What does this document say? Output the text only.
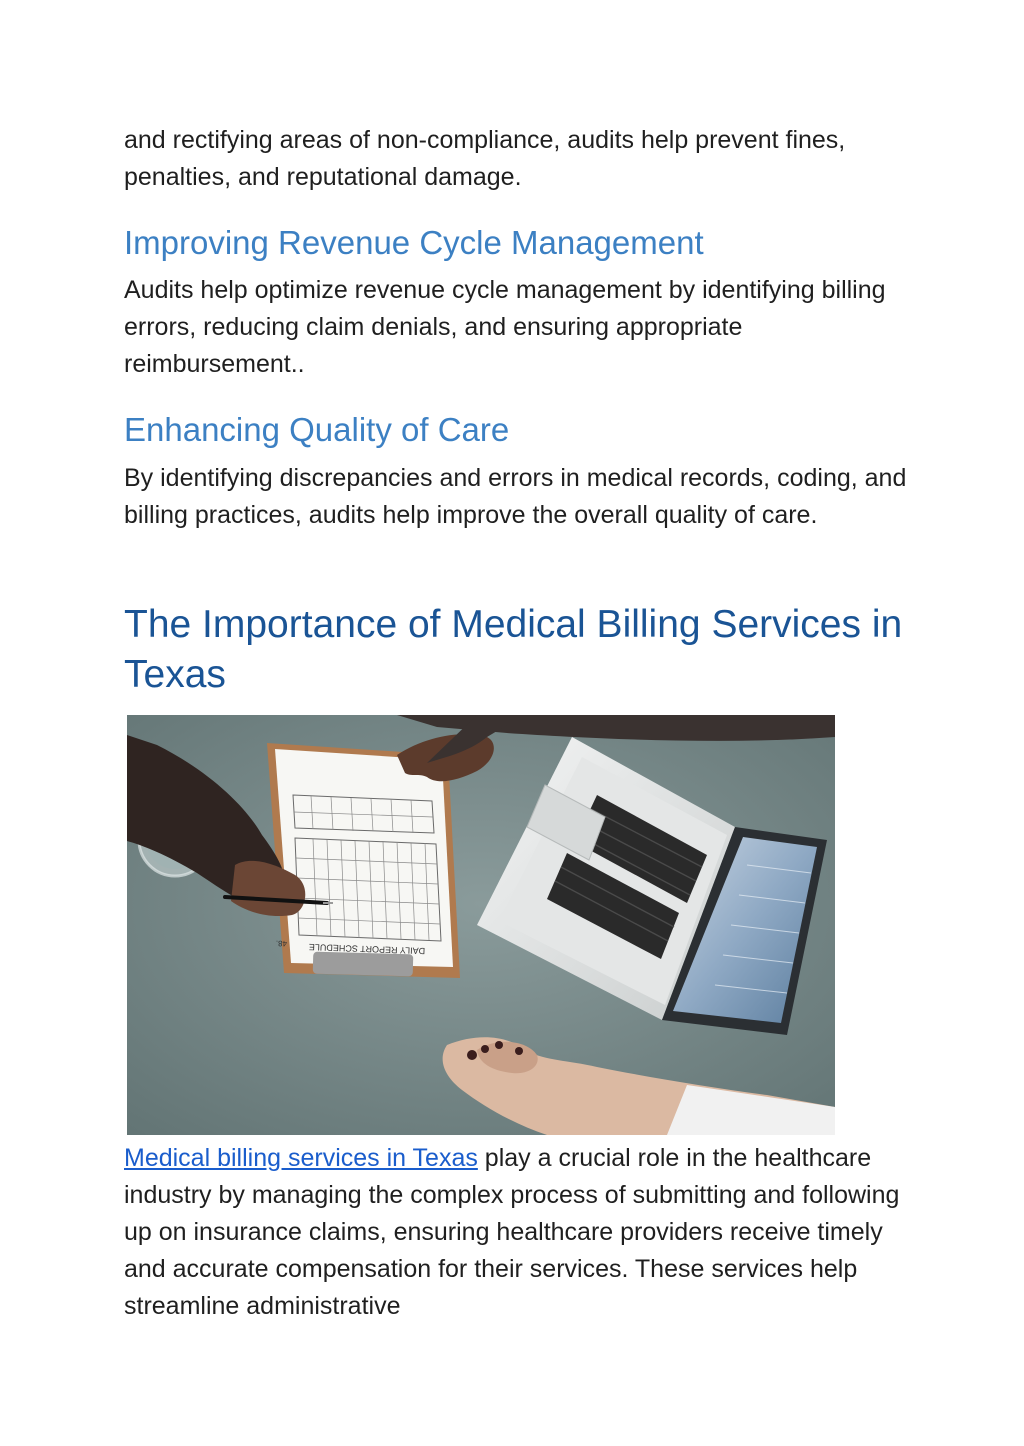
and rectifying areas of non-compliance, audits help prevent fines, penalties, and reputational damage.

Improving Revenue Cycle Management

Audits help optimize revenue cycle management by identifying billing errors, reducing claim denials, and ensuring appropriate reimbursement..

Enhancing Quality of Care

By identifying discrepancies and errors in medical records, coding, and billing practices, audits help improve the overall quality of care.

The Importance of Medical Billing Services in Texas
DAILY REPORT SCHEDULE
48.

Medical billing services in Texas play a crucial role in the healthcare industry by managing the complex process of submitting and following up on insurance claims, ensuring healthcare providers receive timely and accurate compensation for their services. These services help streamline administrative
